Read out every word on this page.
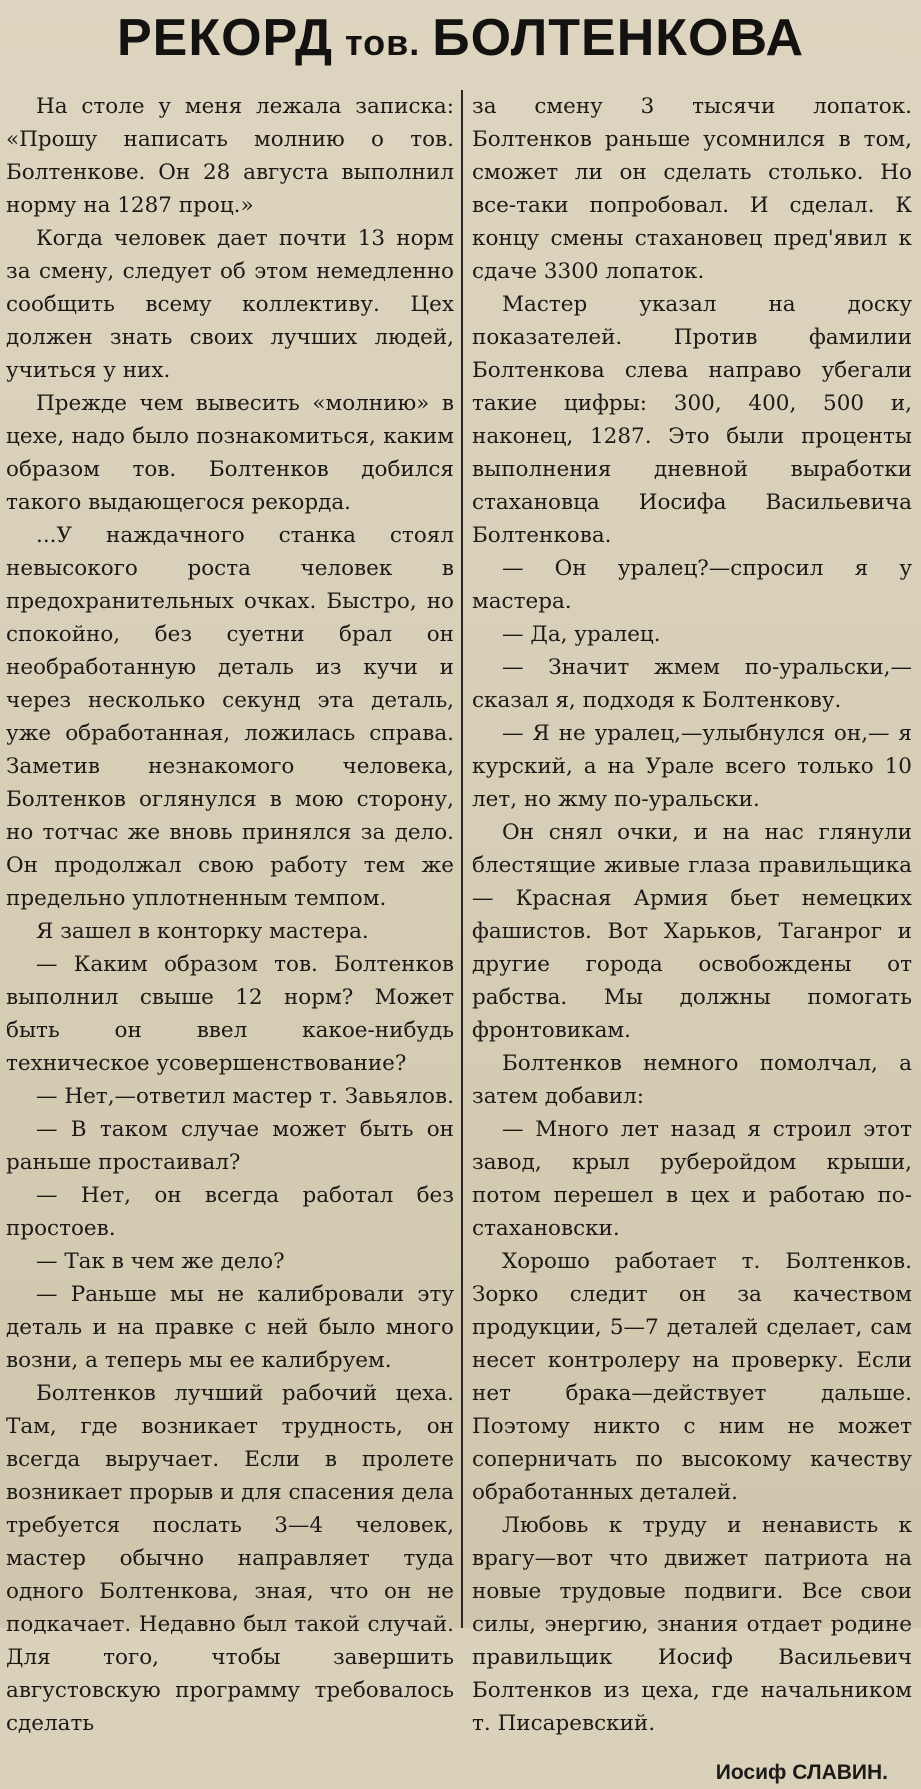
РЕКОРД тов. БОЛТЕНКОВА

На столе у меня лежала записка: «Прошу написать молнию о тов. Болтенкове. Он 28 августа выполнил норму на 1287 проц.»

Когда человек дает почти 13 норм за смену, следует об этом немедленно сообщить всему коллективу. Цех должен знать своих лучших людей, учиться у них.

Прежде чем вывесить «молнию» в цехе, надо было познакомиться, каким образом тов. Болтенков добился такого выдающегося рекорда.

...У наждачного станка стоял невысокого роста человек в предохранительных очках. Быстро, но спокойно, без суетни брал он необработанную деталь из кучи и через несколько секунд эта деталь, уже обработанная, ложилась справа. Заметив незнакомого человека, Болтенков оглянулся в мою сторону, но тотчас же вновь принялся за дело. Он продолжал свою работу тем же предельно уплотненным темпом.

Я зашел в конторку мастера.

— Каким образом тов. Болтенков выполнил свыше 12 норм? Может быть он ввел какое-нибудь техническое усовершенствование?

— Нет,—ответил мастер т. Завьялов.

— В таком случае может быть он раньше простаивал?

— Нет, он всегда работал без простоев.

— Так в чем же дело?

— Раньше мы не калибровали эту деталь и на правке с ней было много возни, а теперь мы ее калибруем.

Болтенков лучший рабочий цеха. Там, где возникает трудность, он всегда выручает. Если в пролете возникает прорыв и для спасения дела требуется послать 3—4 человек, мастер обычно направляет туда одного Болтенкова, зная, что он не подкачает. Недавно был такой случай. Для того, чтобы завершить августовскую программу требовалось сделать

за смену 3 тысячи лопаток. Болтенков раньше усомнился в том, сможет ли он сделать столько. Но все-таки попробовал. И сделал. К концу смены стахановец пред'явил к сдаче 3300 лопаток.

Мастер указал на доску показателей. Против фамилии Болтенкова слева направо убегали такие цифры: 300, 400, 500 и, наконец, 1287. Это были проценты выполнения дневной выработки стахановца Иосифа Васильевича Болтенкова.

— Он уралец?—спросил я у мастера.

— Да, уралец.

— Значит жмем по-уральски,—сказал я, подходя к Болтенкову.

— Я не уралец,—улыбнулся он,— я курский, а на Урале всего только 10 лет, но жму по-уральски.

Он снял очки, и на нас глянули блестящие живые глаза правильщика — Красная Армия бьет немецких фашистов. Вот Харьков, Таганрог и другие города освобождены от рабства. Мы должны помогать фронтовикам.

Болтенков немного помолчал, а затем добавил:

— Много лет назад я строил этот завод, крыл руберойдом крыши, потом перешел в цех и работаю по-стахановски.

Хорошо работает т. Болтенков. Зорко следит он за качеством продукции, 5—7 деталей сделает, сам несет контролеру на проверку. Если нет брака—действует дальше. Поэтому никто с ним не может соперничать по высокому качеству обработанных деталей.

Любовь к труду и ненависть к врагу—вот что движет патриота на новые трудовые подвиги. Все свои силы, энергию, знания отдает родине правильщик Иосиф Васильевич Болтенков из цеха, где начальником т. Писаревский.

Иосиф СЛАВИН.
